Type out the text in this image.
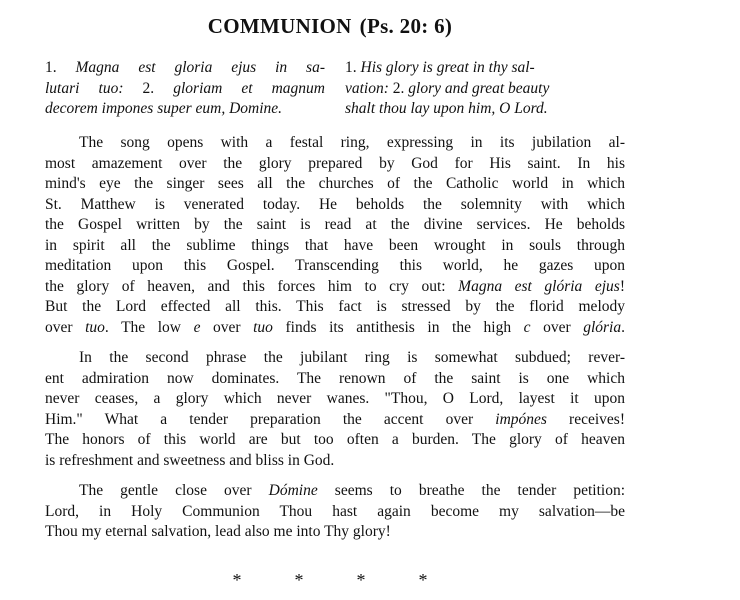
COMMUNION (Ps. 20: 6)
1. Magna est gloria ejus in sa-
lutari tuo: 2. gloriam et magnum
decorem impones super eum, Domine.
1. His glory is great in thy sal-
vation: 2. glory and great beauty
shalt thou lay upon him, O Lord.
The song opens with a festal ring, expressing in its jubilation al-
most amazement over the glory prepared by God for His saint. In his
mind's eye the singer sees all the churches of the Catholic world in which
St. Matthew is venerated today. He beholds the solemnity with which
the Gospel written by the saint is read at the divine services. He beholds
in spirit all the sublime things that have been wrought in souls through
meditation upon this Gospel. Transcending this world, he gazes upon
the glory of heaven, and this forces him to cry out: Magna est glória ejus!
But the Lord effected all this. This fact is stressed by the florid melody
over tuo. The low e over tuo finds its antithesis in the high c over glória.
In the second phrase the jubilant ring is somewhat subdued; rever-
ent admiration now dominates. The renown of the saint is one which
never ceases, a glory which never wanes. "Thou, O Lord, layest it upon
Him." What a tender preparation the accent over impónes receives!
The honors of this world are but too often a burden. The glory of heaven
is refreshment and sweetness and bliss in God.
The gentle close over Dómine seems to breathe the tender petition:
Lord, in Holy Communion Thou hast again become my salvation—be
Thou my eternal salvation, lead also me into Thy glory!
*	*	*	*
